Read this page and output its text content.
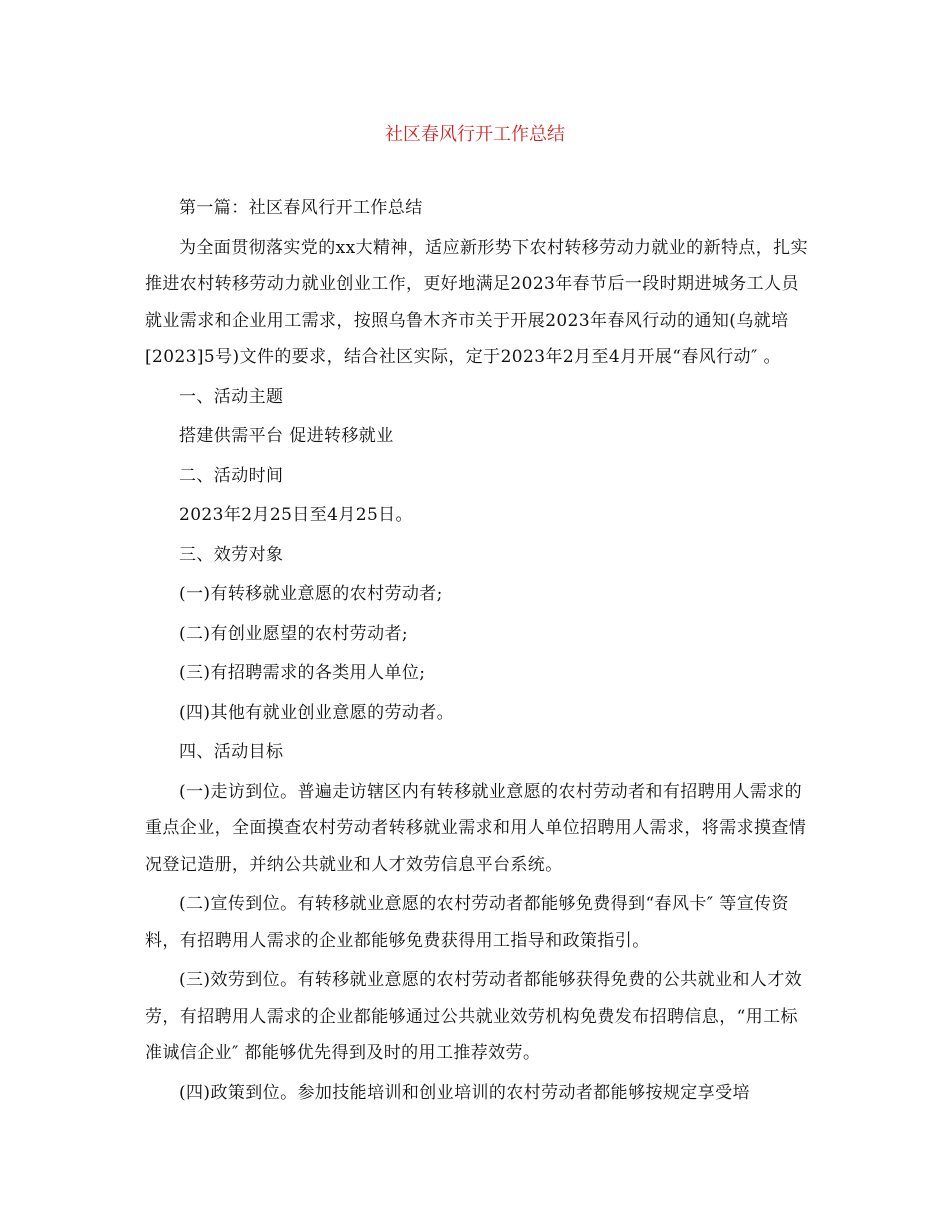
社区春风行开工作总结

第一篇：社区春风行开工作总结

为全面贯彻落实党的xx大精神，适应新形势下农村转移劳动力就业的新特点，扎实推进农村转移劳动力就业创业工作，更好地满足2023年春节后一段时期进城务工人员就业需求和企业用工需求，按照乌鲁木齐市关于开展2023年春风行动的通知(乌就培[2023]5号)文件的要求，结合社区实际，定于2023年2月至4月开展“春风行动″ 。

一、活动主题

搭建供需平台 促进转移就业

二、活动时间

2023年2月25日至4月25日。

三、效劳对象

(一)有转移就业意愿的农村劳动者;

(二)有创业愿望的农村劳动者;

(三)有招聘需求的各类用人单位;

(四)其他有就业创业意愿的劳动者。

四、活动目标

(一)走访到位。普遍走访辖区内有转移就业意愿的农村劳动者和有招聘用人需求的重点企业，全面摸查农村劳动者转移就业需求和用人单位招聘用人需求，将需求摸查情况登记造册，并纳公共就业和人才效劳信息平台系统。

(二)宣传到位。有转移就业意愿的农村劳动者都能够免费得到“春风卡″ 等宣传资料，有招聘用人需求的企业都能够免费获得用工指导和政策指引。

(三)效劳到位。有转移就业意愿的农村劳动者都能够获得免费的公共就业和人才效劳，有招聘用人需求的企业都能够通过公共就业效劳机构免费发布招聘信息，“用工标准诚信企业″ 都能够优先得到及时的用工推荐效劳。

(四)政策到位。参加技能培训和创业培训的农村劳动者都能够按规定享受培
